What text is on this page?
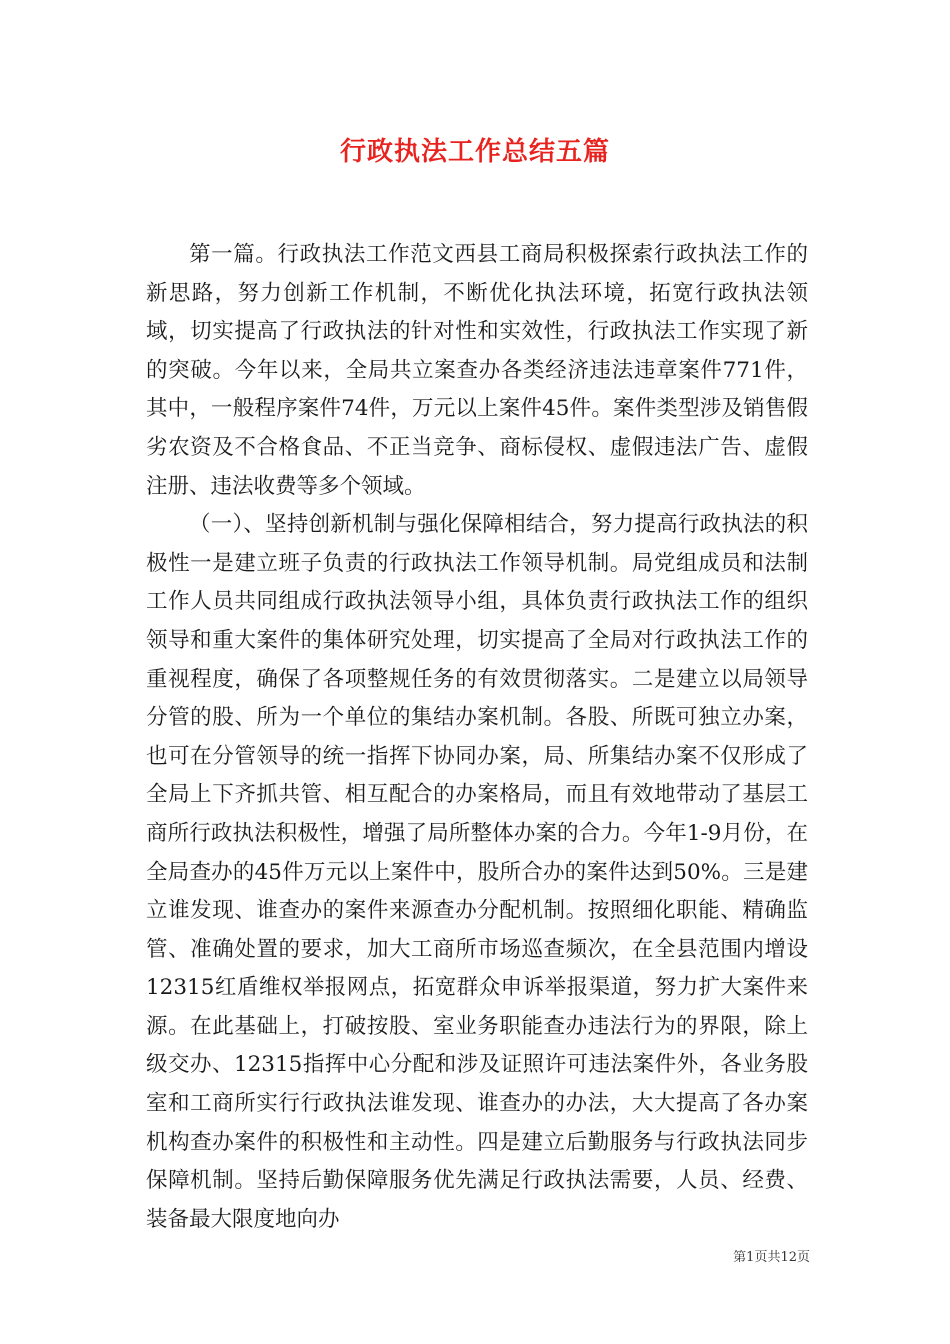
行政执法工作总结五篇

第一篇。行政执法工作范文西县工商局积极探索行政执法工作的新思路，努力创新工作机制，不断优化执法环境，拓宽行政执法领域，切实提高了行政执法的针对性和实效性，行政执法工作实现了新的突破。今年以来，全局共立案查办各类经济违法违章案件771件，其中，一般程序案件74件，万元以上案件45件。案件类型涉及销售假劣农资及不合格食品、不正当竞争、商标侵权、虚假违法广告、虚假注册、违法收费等多个领域。

（一）、坚持创新机制与强化保障相结合，努力提高行政执法的积极性一是建立班子负责的行政执法工作领导机制。局党组成员和法制工作人员共同组成行政执法领导小组，具体负责行政执法工作的组织领导和重大案件的集体研究处理，切实提高了全局对行政执法工作的重视程度，确保了各项整规任务的有效贯彻落实。二是建立以局领导分管的股、所为一个单位的集结办案机制。各股、所既可独立办案，也可在分管领导的统一指挥下协同办案，局、所集结办案不仅形成了全局上下齐抓共管、相互配合的办案格局，而且有效地带动了基层工商所行政执法积极性，增强了局所整体办案的合力。今年1-9月份，在全局查办的45件万元以上案件中，股所合办的案件达到50%。三是建立谁发现、谁查办的案件来源查办分配机制。按照细化职能、精确监管、准确处置的要求，加大工商所市场巡查频次，在全县范围内增设12315红盾维权举报网点，拓宽群众申诉举报渠道，努力扩大案件来源。在此基础上，打破按股、室业务职能查办违法行为的界限，除上级交办、12315指挥中心分配和涉及证照许可违法案件外，各业务股室和工商所实行行政执法谁发现、谁查办的办法，大大提高了各办案机构查办案件的积极性和主动性。四是建立后勤服务与行政执法同步保障机制。坚持后勤保障服务优先满足行政执法需要，人员、经费、装备最大限度地向办

第1页共12页
